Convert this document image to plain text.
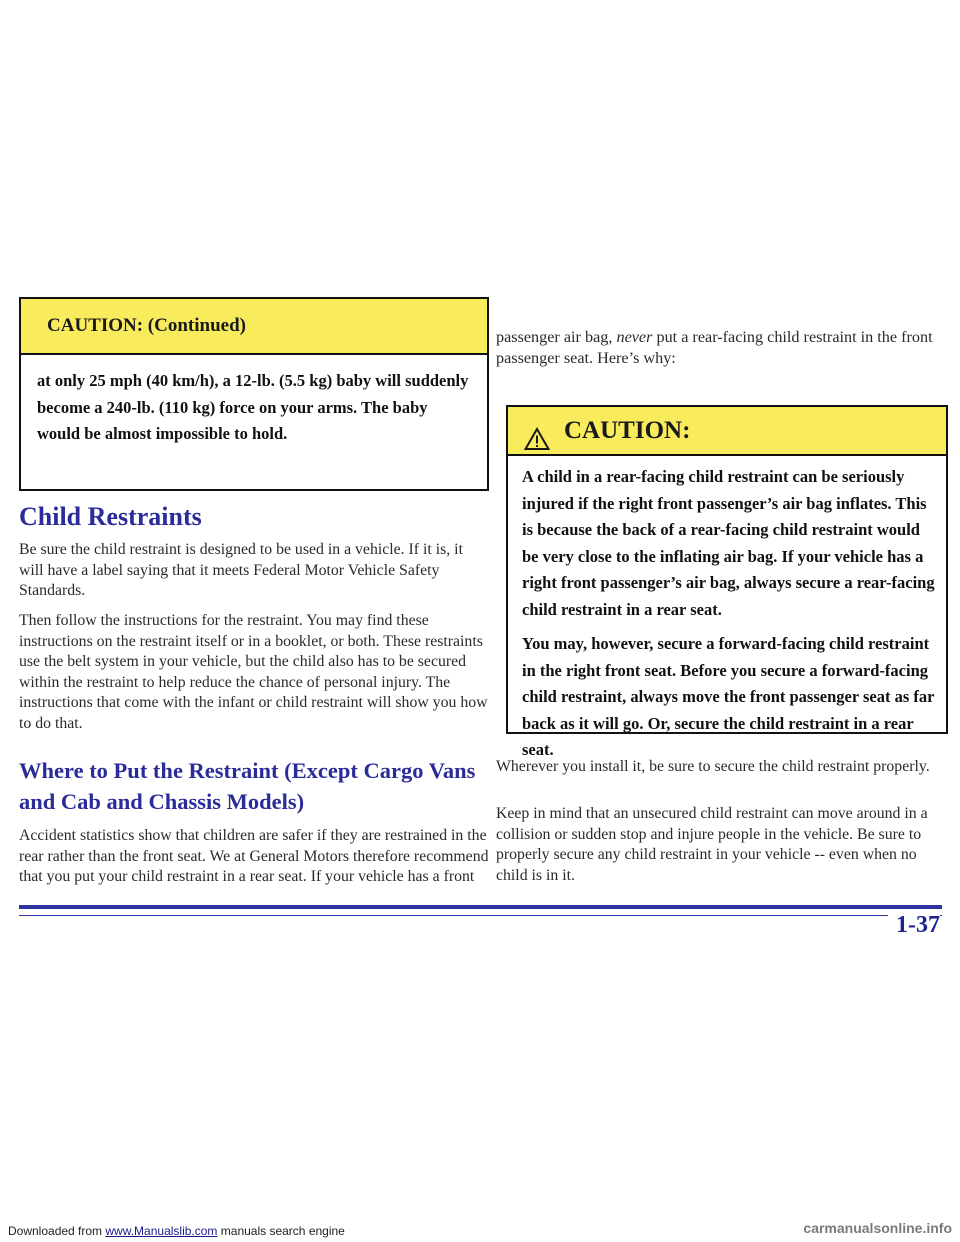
CAUTION: (Continued)

at only 25 mph (40 km/h), a 12-lb. (5.5 kg) baby will suddenly become a 240-lb. (110 kg) force on your arms. The baby would be almost impossible to hold.

Child Restraints

Be sure the child restraint is designed to be used in a vehicle. If it is, it will have a label saying that it meets Federal Motor Vehicle Safety Standards.

Then follow the instructions for the restraint. You may find these instructions on the restraint itself or in a booklet, or both. These restraints use the belt system in your vehicle, but the child also has to be secured within the restraint to help reduce the chance of personal injury. The instructions that come with the infant or child restraint will show you how to do that.

Where to Put the Restraint (Except Cargo Vans and Cab and Chassis Models)

Accident statistics show that children are safer if they are restrained in the rear rather than the front seat. We at General Motors therefore recommend that you put your child restraint in a rear seat. If your vehicle has a front

passenger air bag, never put a rear-facing child restraint in the front passenger seat. Here’s why:

CAUTION:

A child in a rear-facing child restraint can be seriously injured if the right front passenger’s air bag inflates. This is because the back of a rear-facing child restraint would be very close to the inflating air bag. If your vehicle has a right front passenger’s air bag, always secure a rear-facing child restraint in a rear seat.

You may, however, secure a forward-facing child restraint in the right front seat. Before you secure a forward-facing child restraint, always move the front passenger seat as far back as it will go. Or, secure the child restraint in a rear seat.

Wherever you install it, be sure to secure the child restraint properly.

Keep in mind that an unsecured child restraint can move around in a collision or sudden stop and injure people in the vehicle. Be sure to properly secure any child restraint in your vehicle -- even when no child is in it.

1-37
Downloaded from www.Manualslib.com manuals search engine	carmanualsonline.info
